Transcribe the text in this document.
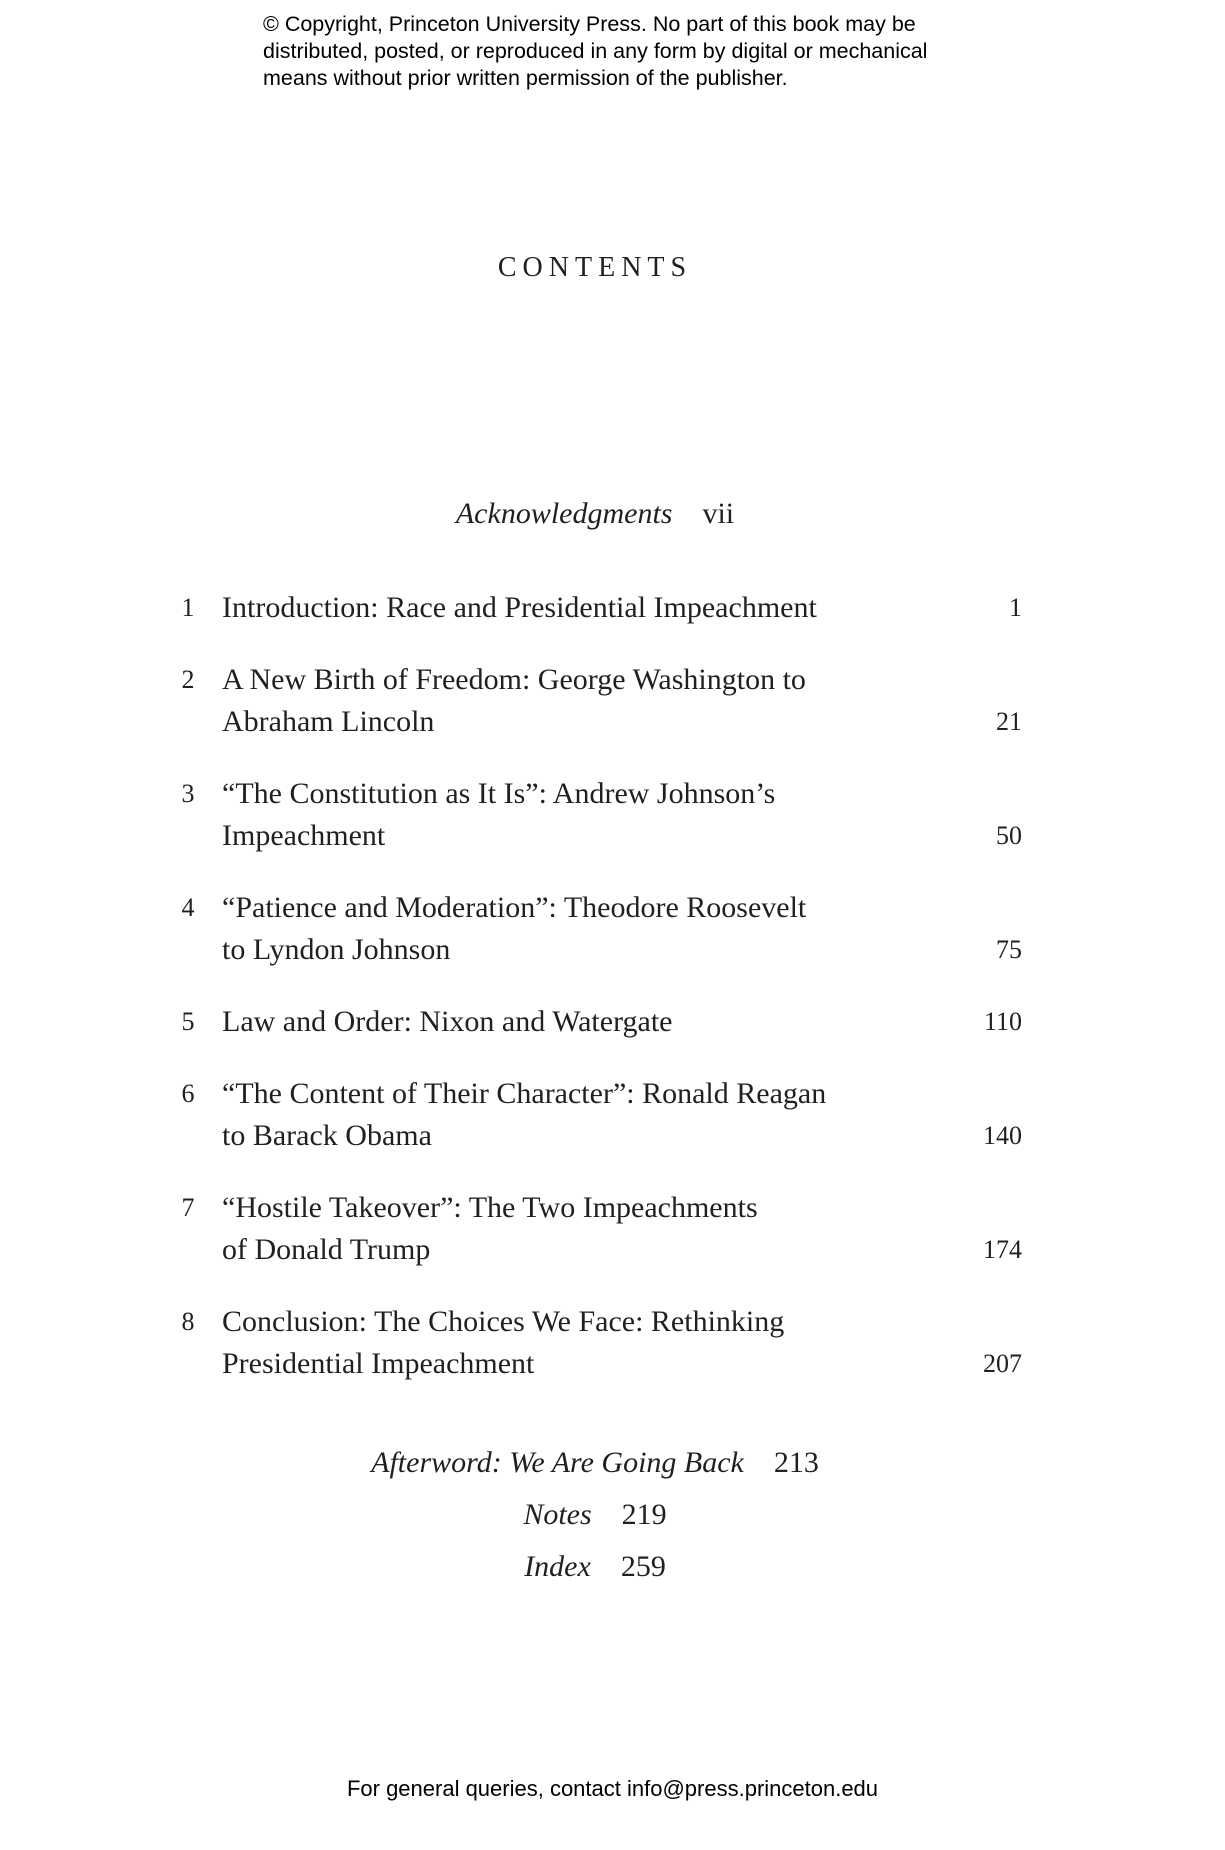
© Copyright, Princeton University Press. No part of this book may be
distributed, posted, or reproduced in any form by digital or mechanical
means without prior written permission of the publisher.
CONTENTS
Acknowledgments vii
1 Introduction: Race and Presidential Impeachment	1
2 A New Birth of Freedom: George Washington to
Abraham Lincoln	21
3 “The Constitution as It Is”: Andrew Johnson’s
Impeachment	50
4 “Patience and Moderation”: Theodore Roosevelt
to Lyndon Johnson	75
5 Law and Order: Nixon and Watergate	110
6 “The Content of Their Character”: Ronald Reagan
to Barack Obama	140
7 “Hostile Takeover”: The Two Impeachments
of Donald Trump	174
8 Conclusion: The Choices We Face: Rethinking
Presidential Impeachment	207
Afterword: We Are Going Back 213
Notes 219
Index 259
For general queries, contact info@press.princeton.edu
